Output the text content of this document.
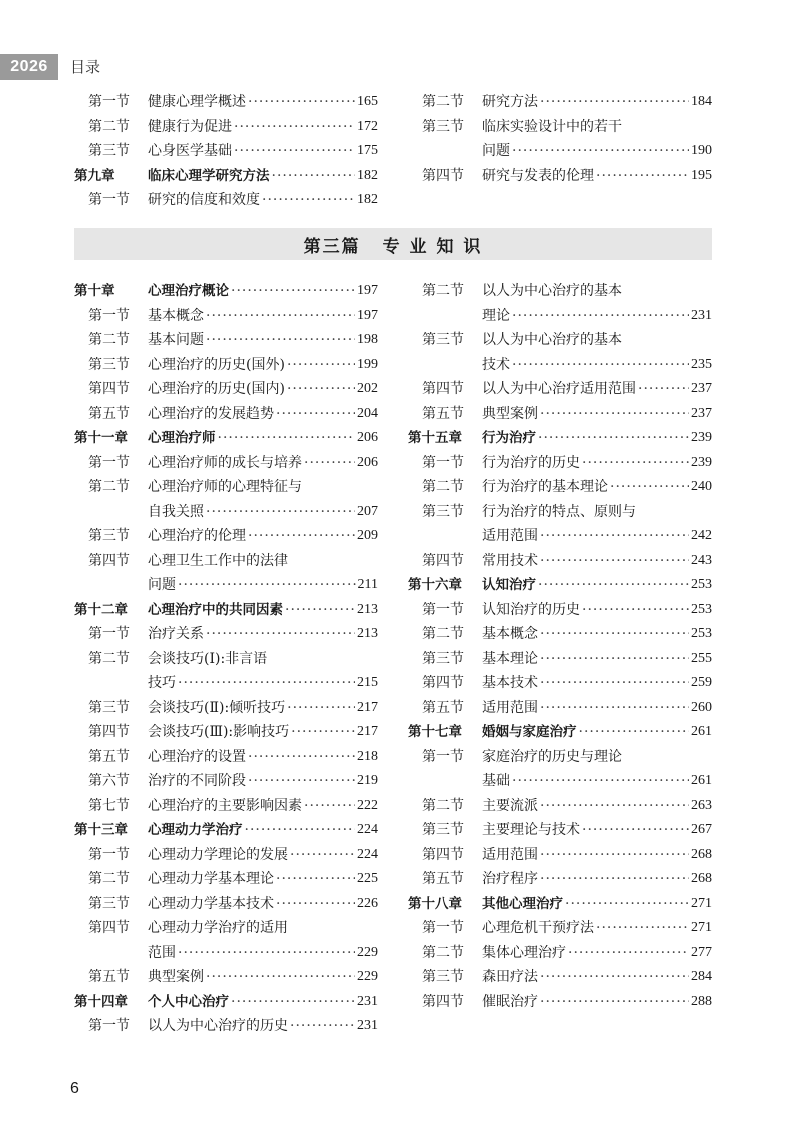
2026	目录
第一节 健康心理学概述 ·····	165
第二节 健康行为促进 ·····	172
第三节 心身医学基础 ·····	175
第九章 临床心理学研究方法 ·····	182
第一节 研究的信度和效度 ·····	182
第二节 研究方法 ·····	184
第三节 临床实验设计中的若干
问题 ·····	190
第四节 研究与发表的伦理 ·····	195
第三篇 专 业 知 识
第十章 心理治疗概论 ·····	197
第一节 基本概念 ·····	197
第二节 基本问题 ·····	198
第三节 心理治疗的历史(国外) ·····	199
第四节 心理治疗的历史(国内) ·····	202
第五节 心理治疗的发展趋势 ·····	204
第十一章 心理治疗师 ·····	206
第一节 心理治疗师的成长与培养 ·····	206
第二节 心理治疗师的心理特征与
自我关照 ·····	207
第三节 心理治疗的伦理 ·····	209
第四节 心理卫生工作中的法律
问题 ·····	211
第十二章 心理治疗中的共同因素 ·····	213
第一节 治疗关系 ·····	213
第二节 会谈技巧(Ⅰ):非言语
技巧 ·····	215
第三节 会谈技巧(Ⅱ):倾听技巧 ·····	217
第四节 会谈技巧(Ⅲ):影响技巧 ·····	217
第五节 心理治疗的设置 ·····	218
第六节 治疗的不同阶段 ·····	219
第七节 心理治疗的主要影响因素 ·····	222
第十三章 心理动力学治疗 ·····	224
第一节 心理动力学理论的发展 ·····	224
第二节 心理动力学基本理论 ·····	225
第三节 心理动力学基本技术 ·····	226
第四节 心理动力学治疗的适用
范围 ·····	229
第五节 典型案例 ·····	229
第十四章 个人中心治疗 ·····	231
第一节 以人为中心治疗的历史 ·····	231
第二节 以人为中心治疗的基本
理论 ·····	231
第三节 以人为中心治疗的基本
技术 ·····	235
第四节 以人为中心治疗适用范围 ·····	237
第五节 典型案例 ·····	237
第十五章 行为治疗 ·····	239
第一节 行为治疗的历史 ·····	239
第二节 行为治疗的基本理论 ·····	240
第三节 行为治疗的特点、原则与
适用范围 ·····	242
第四节 常用技术 ·····	243
第十六章 认知治疗 ·····	253
第一节 认知治疗的历史 ·····	253
第二节 基本概念 ·····	253
第三节 基本理论 ·····	255
第四节 基本技术 ·····	259
第五节 适用范围 ·····	260
第十七章 婚姻与家庭治疗 ·····	261
第一节 家庭治疗的历史与理论
基础 ·····	261
第二节 主要流派 ·····	263
第三节 主要理论与技术 ·····	267
第四节 适用范围 ·····	268
第五节 治疗程序 ·····	268
第十八章 其他心理治疗 ·····	271
第一节 心理危机干预疗法 ·····	271
第二节 集体心理治疗 ·····	277
第三节 森田疗法 ·····	284
第四节 催眠治疗 ·····	288
6
